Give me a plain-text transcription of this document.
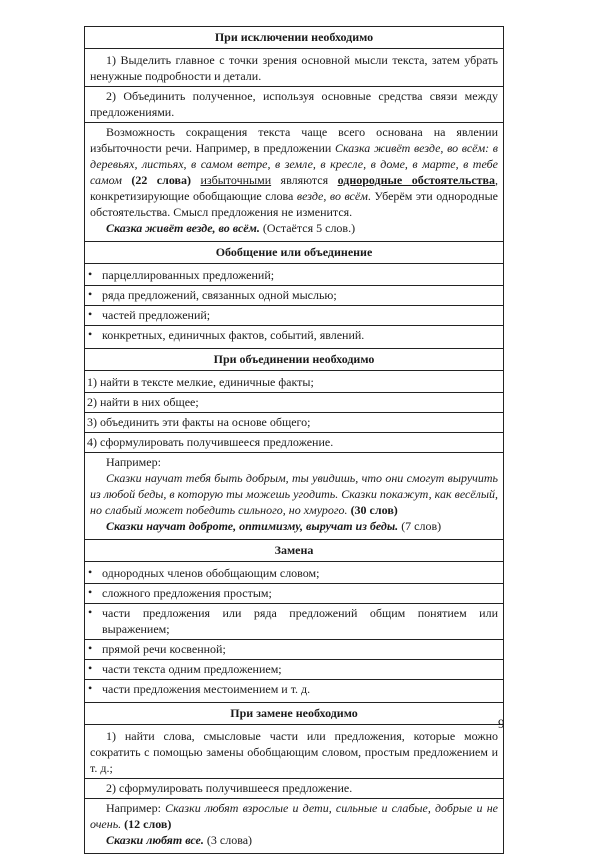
При исключении необходимо

1) Выделить главное с точки зрения основной мысли текста, затем убрать ненужные подробности и детали.

2) Объединить полученное, используя основные средства связи между предложениями.

Возможность сокращения текста чаще всего основана на явлении избыточности речи. Например, в предложении Сказка живёт везде, во всём: в деревьях, листьях, в самом ветре, в земле, в кресле, в доме, в марте, в тебе самом (22 слова) избыточными являются однородные обстоятельства, конкретизирующие обобщающие слова везде, во всём. Уберём эти однородные обстоятельства. Смысл предложения не изменится.

Сказка живёт везде, во всём. (Остаётся 5 слов.)

Обобщение или объединение

• парцеллированных предложений;
• ряда предложений, связанных одной мыслью;
• частей предложений;
• конкретных, единичных фактов, событий, явлений.

При объединении необходимо

1) найти в тексте мелкие, единичные факты;
2) найти в них общее;
3) объединить эти факты на основе общего;
4) сформулировать получившееся предложение.

Например:

Сказки научат тебя быть добрым, ты увидишь, что они смогут выручить из любой беды, в которую ты можешь угодить. Сказки покажут, как весёлый, но слабый может победить сильного, но хмурого. (30 слов)

Сказки научат доброте, оптимизму, выручат из беды. (7 слов)

Замена

• однородных членов обобщающим словом;
• сложного предложения простым;
• части предложения или ряда предложений общим понятием или выражением;
• прямой речи косвенной;
• части текста одним предложением;
• части предложения местоимением и т. д.

При замене необходимо

1) найти слова, смысловые части или предложения, которые можно сократить с помощью замены обобщающим словом, простым предложением и т. д.;

2) сформулировать получившееся предложение.

Например: Сказки любят взрослые и дети, сильные и слабые, добрые и не очень. (12 слов)

Сказки любят все. (3 слова)

9
